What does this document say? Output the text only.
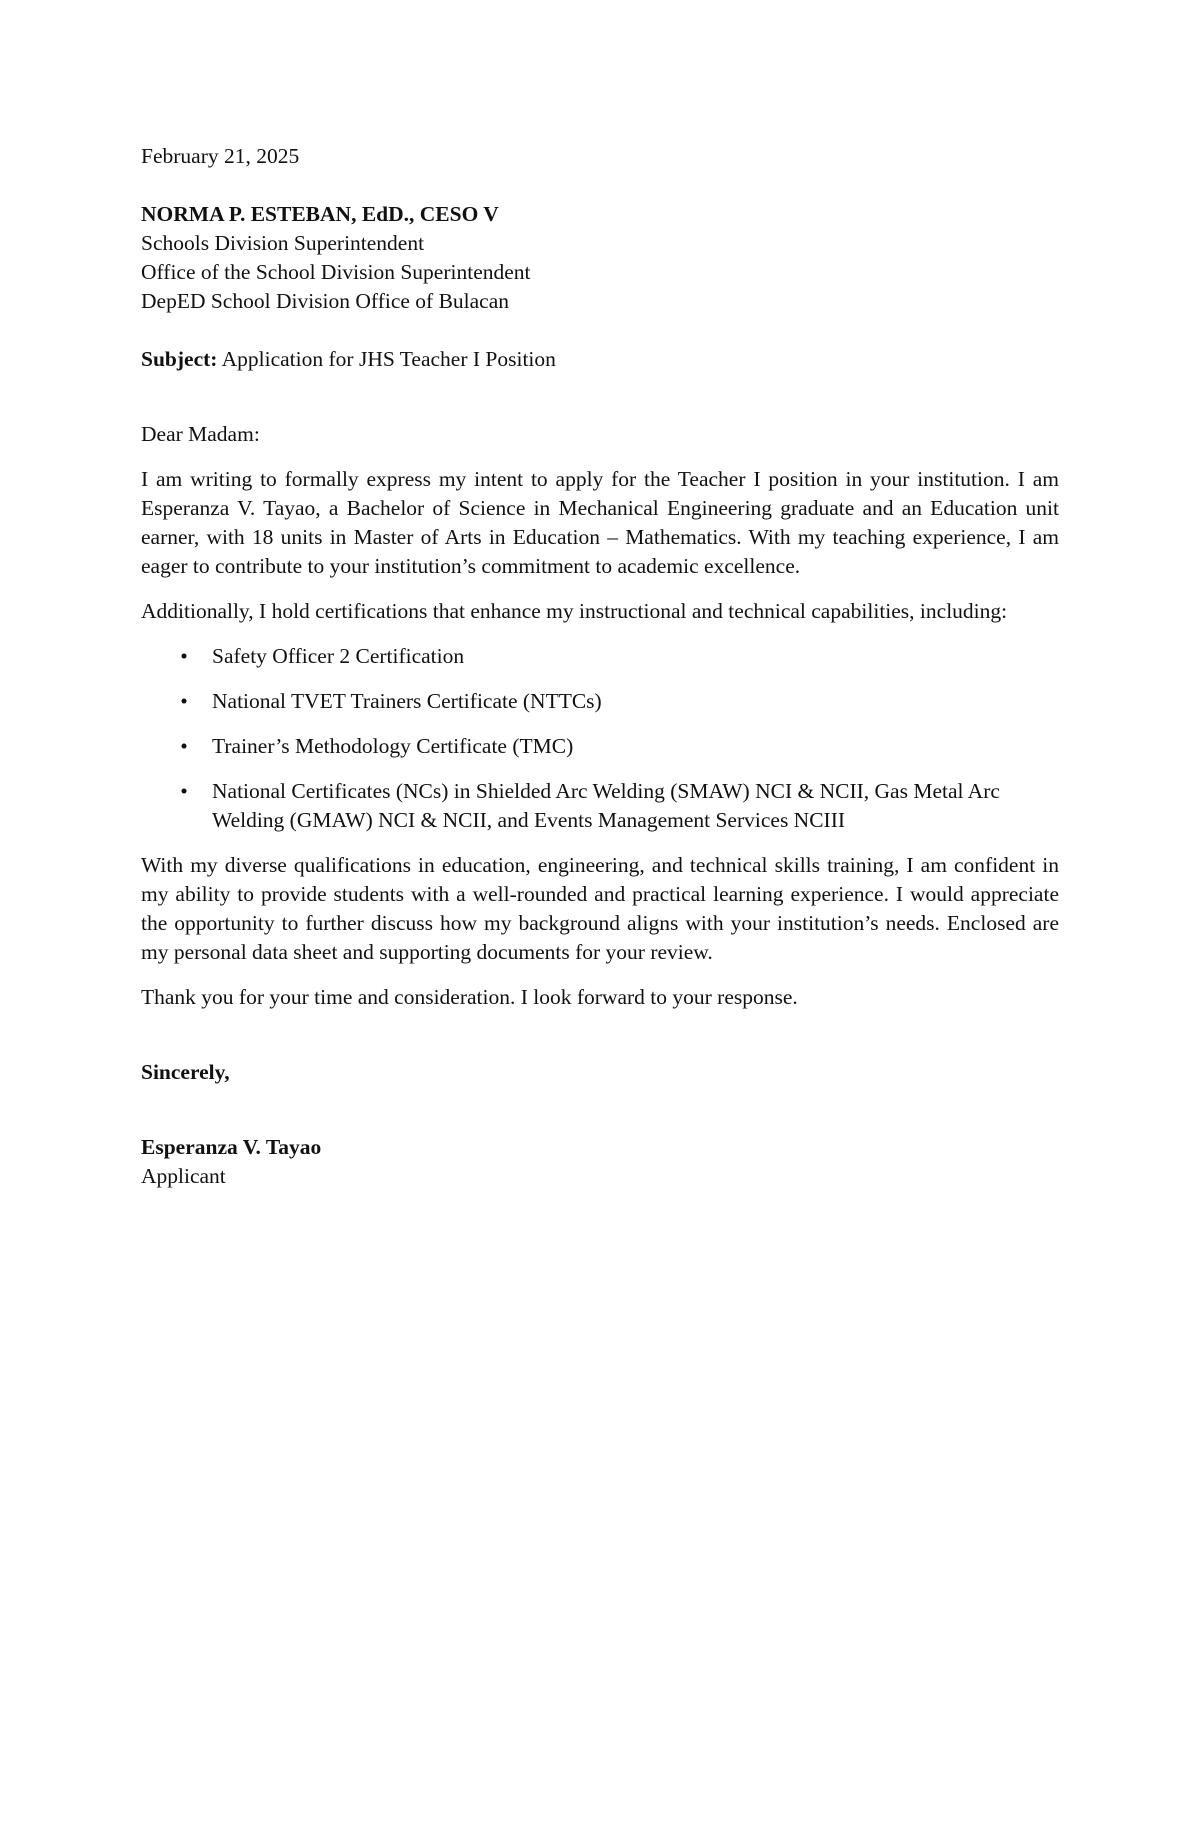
February 21, 2025

NORMA P. ESTEBAN, EdD., CESO V

Schools Division Superintendent

Office of the School Division Superintendent

DepED School Division Office of Bulacan

Subject: Application for JHS Teacher I Position

Dear Madam:

I am writing to formally express my intent to apply for the Teacher I position in your institution. I am Esperanza V. Tayao, a Bachelor of Science in Mechanical Engineering graduate and an Education unit earner, with 18 units in Master of Arts in Education – Mathematics. With my teaching experience, I am eager to contribute to your institution’s commitment to academic excellence.

Additionally, I hold certifications that enhance my instructional and technical capabilities, including:

• Safety Officer 2 Certification
• National TVET Trainers Certificate (NTTCs)
• Trainer’s Methodology Certificate (TMC)
• National Certificates (NCs) in Shielded Arc Welding (SMAW) NCI & NCII, Gas Metal Arc Welding (GMAW) NCI & NCII, and Events Management Services NCIII

With my diverse qualifications in education, engineering, and technical skills training, I am confident in my ability to provide students with a well-rounded and practical learning experience. I would appreciate the opportunity to further discuss how my background aligns with your institution’s needs. Enclosed are my personal data sheet and supporting documents for your review.

Thank you for your time and consideration. I look forward to your response.

Sincerely,

Esperanza V. Tayao

Applicant
